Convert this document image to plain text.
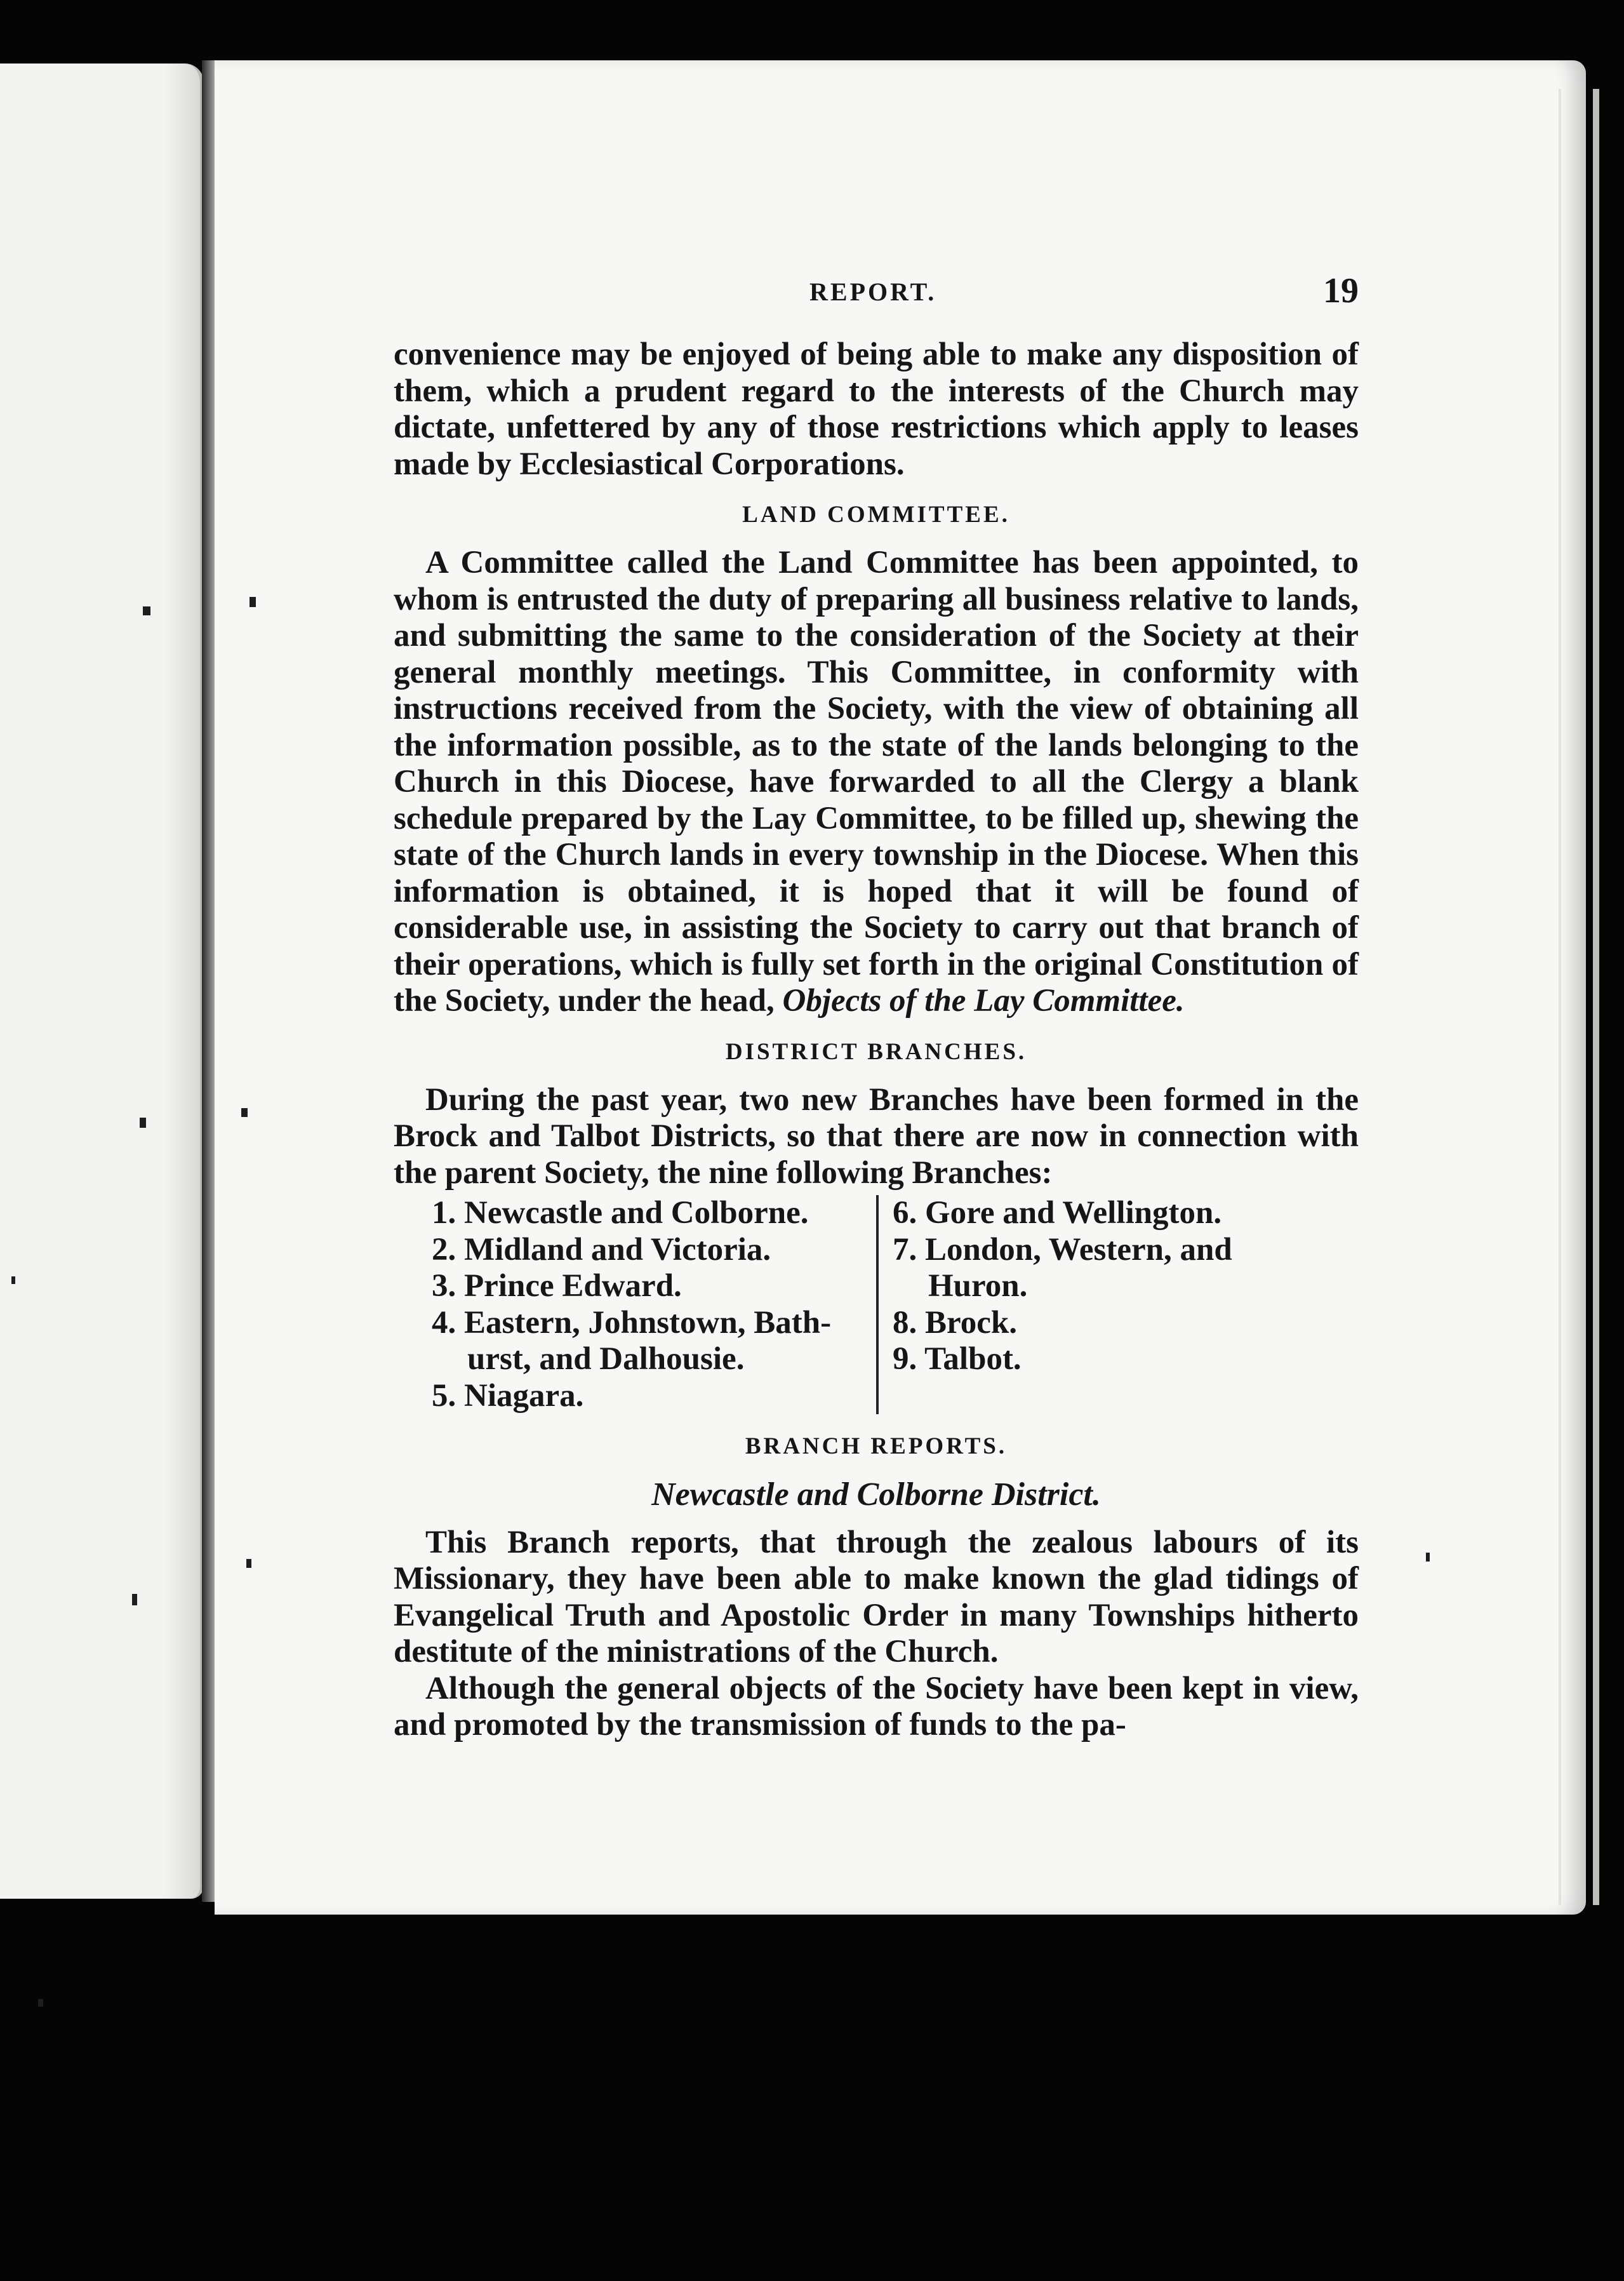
REPORT.	19

convenience may be enjoyed of being able to make any disposition of them, which a prudent regard to the interests of the Church may dictate, unfettered by any of those restrictions which apply to leases made by Ecclesiastical Corporations.

LAND COMMITTEE.

A Committee called the Land Committee has been appointed, to whom is entrusted the duty of preparing all business relative to lands, and submitting the same to the consideration of the Society at their general monthly meetings. This Committee, in conformity with instructions received from the Society, with the view of obtaining all the information possible, as to the state of the lands belonging to the Church in this Diocese, have forwarded to all the Clergy a blank schedule prepared by the Lay Committee, to be filled up, shewing the state of the Church lands in every township in the Diocese. When this information is obtained, it is hoped that it will be found of considerable use, in assisting the Society to carry out that branch of their operations, which is fully set forth in the original Constitution of the Society, under the head, Objects of the Lay Committee.

DISTRICT BRANCHES.

During the past year, two new Branches have been formed in the Brock and Talbot Districts, so that there are now in connection with the parent Society, the nine following Branches:

1. Newcastle and Colborne.
2. Midland and Victoria.
3. Prince Edward.
4. Eastern, Johnstown, Bath-
urst, and Dalhousie.
5. Niagara.
6. Gore and Wellington.
7. London, Western, and
Huron.
8. Brock.
9. Talbot.
BRANCH REPORTS.
Newcastle and Colborne District.

This Branch reports, that through the zealous labours of its Missionary, they have been able to make known the glad tidings of Evangelical Truth and Apostolic Order in many Townships hitherto destitute of the ministrations of the Church.

Although the general objects of the Society have been kept in view, and promoted by the transmission of funds to the pa-
